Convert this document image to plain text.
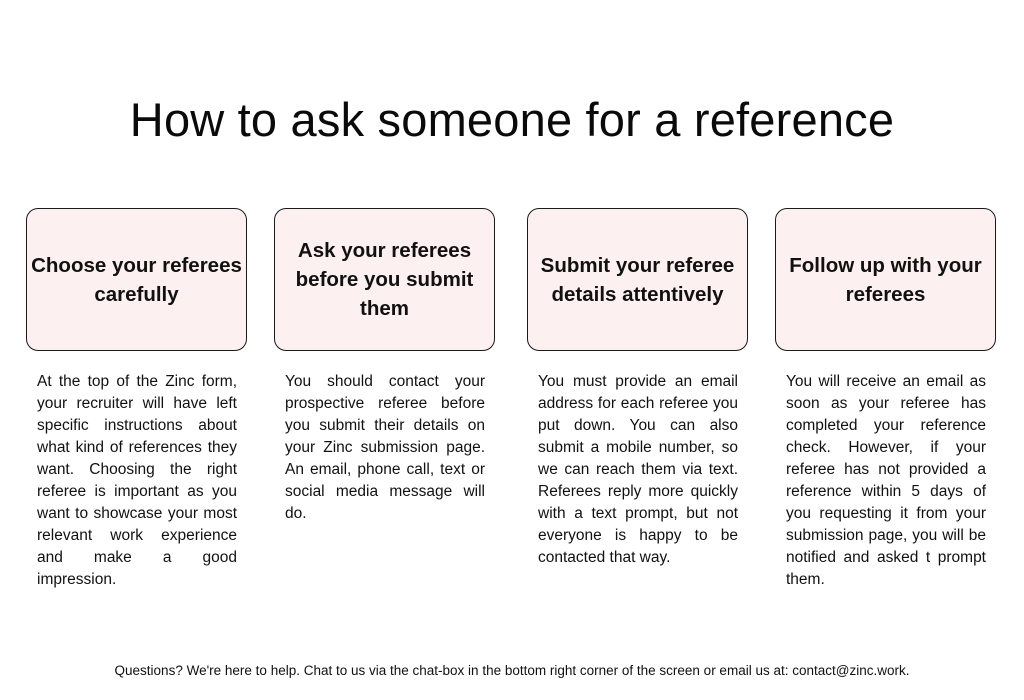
How to ask someone for a reference
Choose your referees carefully

At the top of the Zinc form, your recruiter will have left specific instructions about what kind of references they want. Choosing the right referee is important as you want to showcase your most relevant work experience and make a good impression.

Ask your referees before you submit them

You should contact your prospective referee before you submit their details on your Zinc submission page. An email, phone call, text or social media message will do.

Submit your referee details attentively

You must provide an email address for each referee you put down. You can also submit a mobile number, so we can reach them via text. Referees reply more quickly with a text prompt, but not everyone is happy to be contacted that way.

Follow up with your referees

You will receive an email as soon as your referee has completed your reference check. However, if your referee has not provided a reference within 5 days of you requesting it from your submission page, you will be notified and asked t prompt them.

Questions? We're here to help. Chat to us via the chat-box in the bottom right corner of the screen or email us at: contact@zinc.work.
